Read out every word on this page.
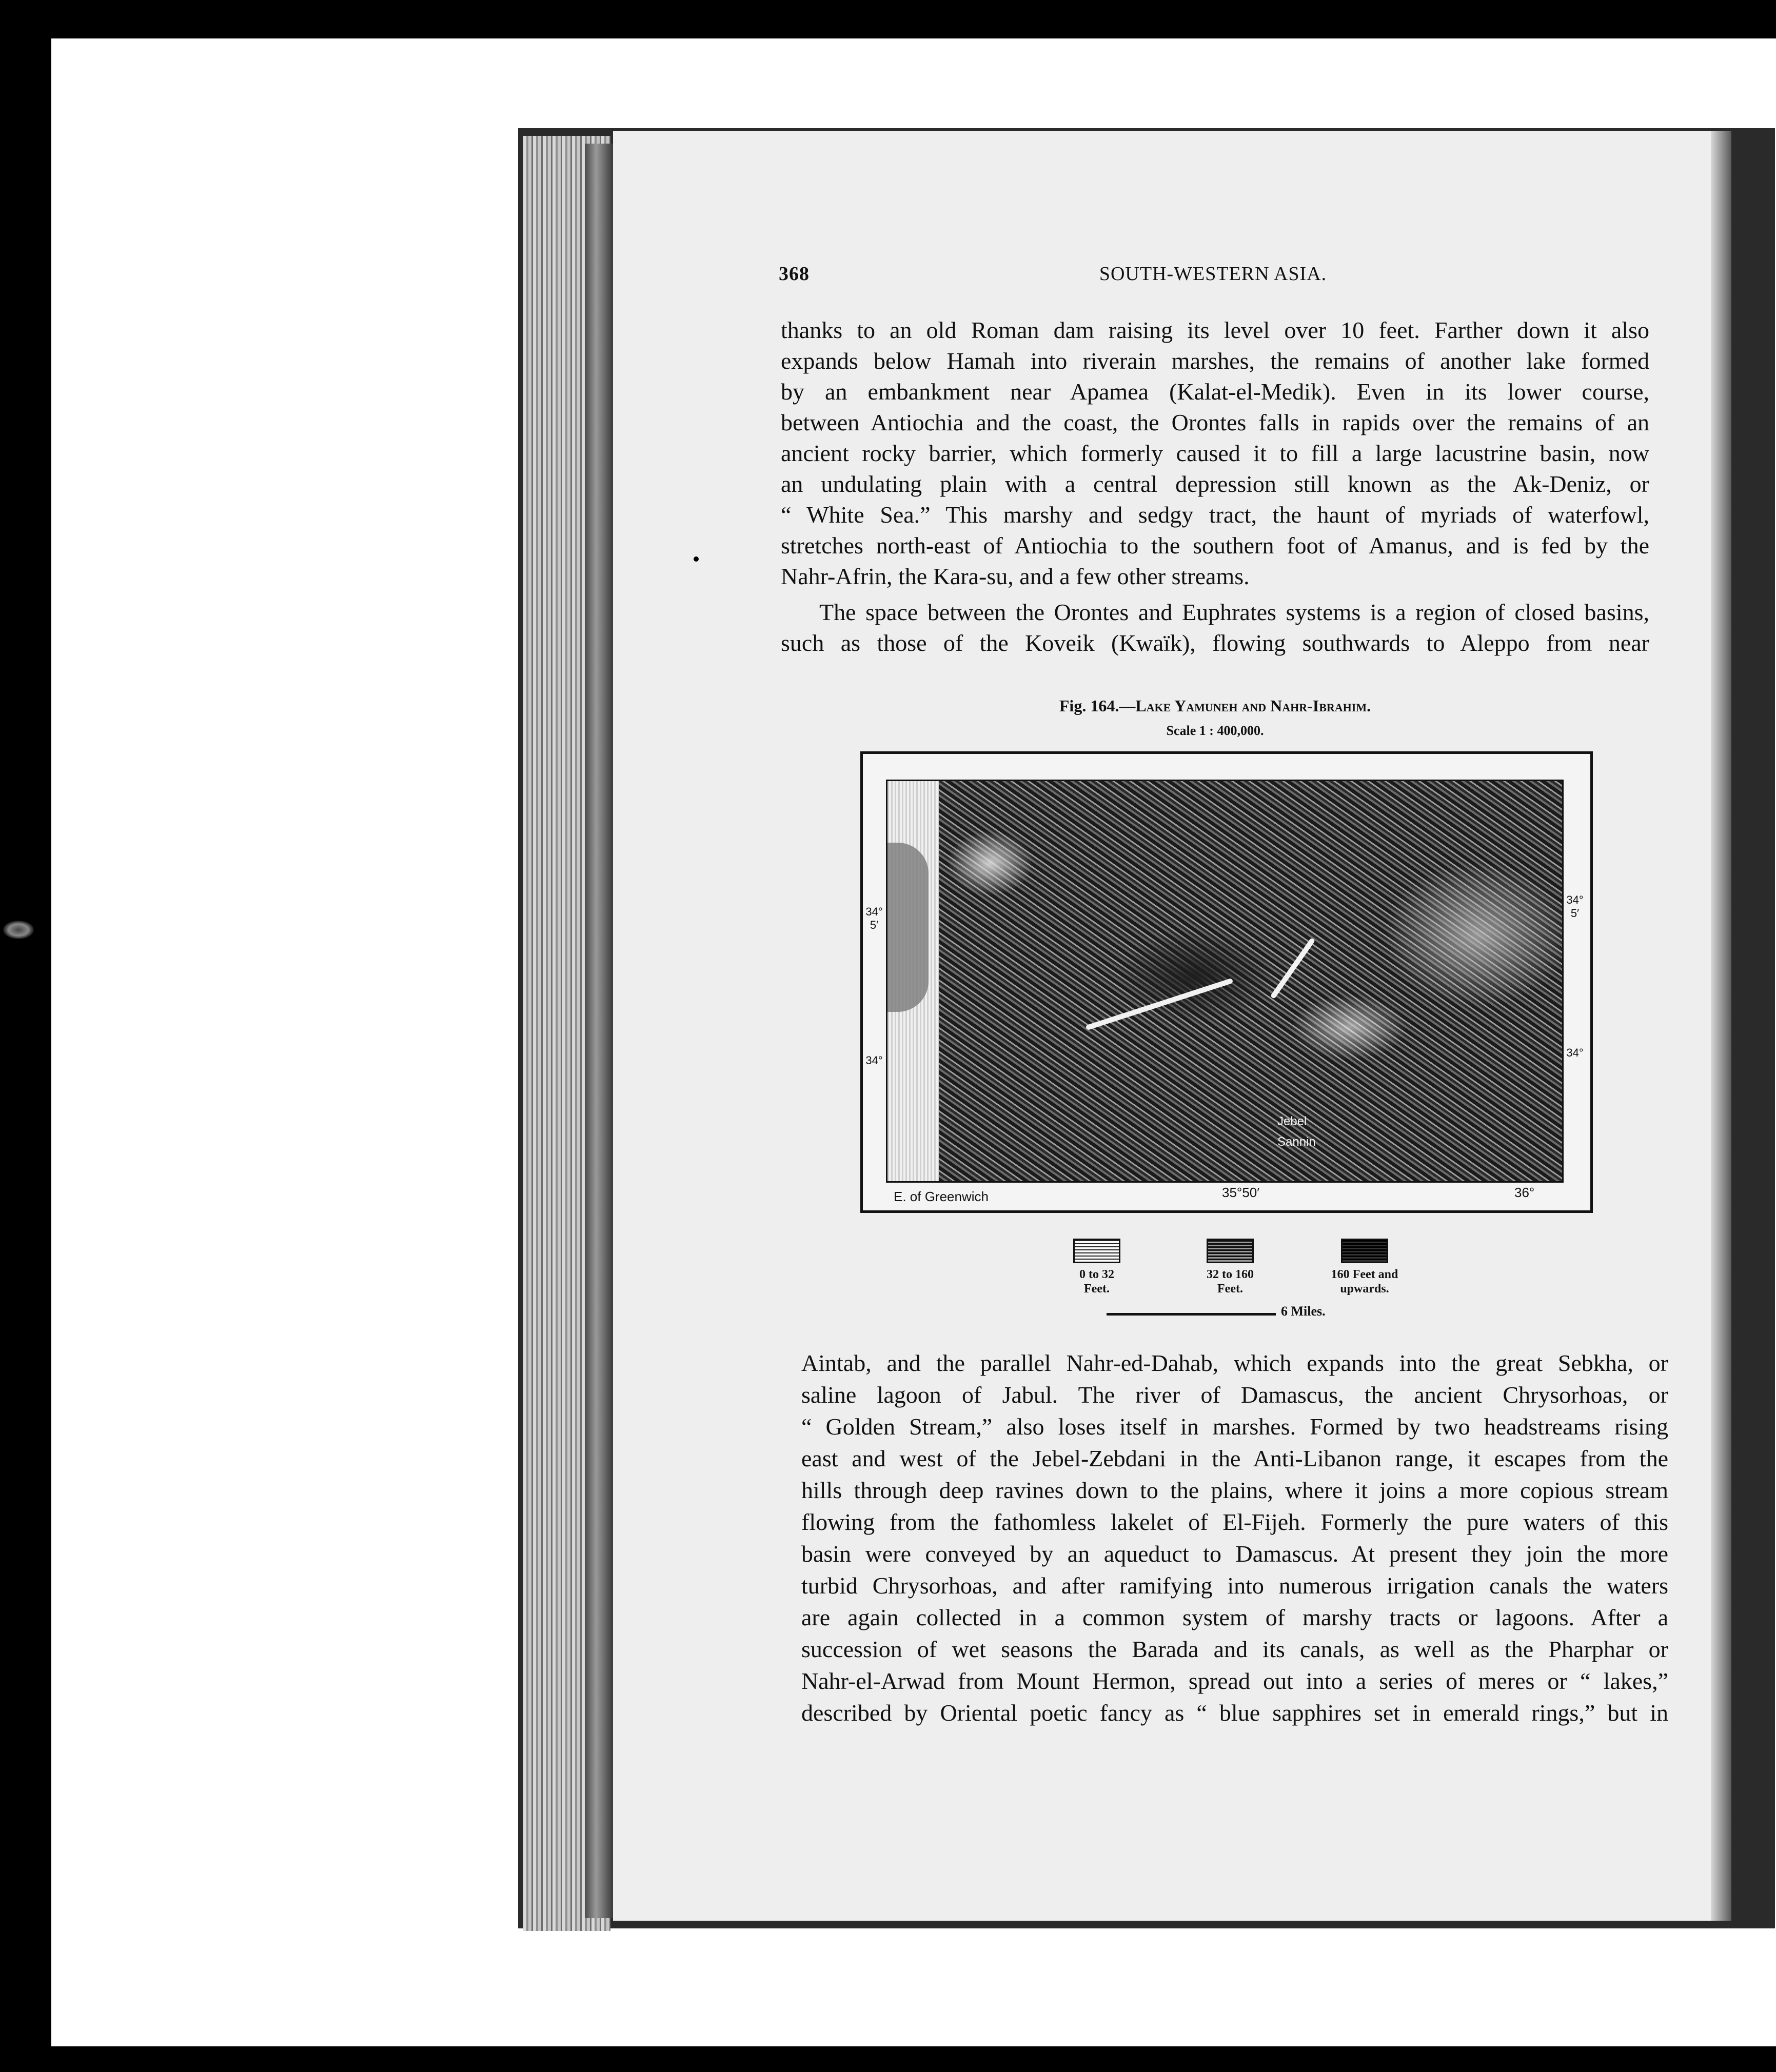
368	SOUTH-WESTERN ASIA.

thanks to an old Roman dam raising its level over 10 feet. Farther down it also

expands below Hamah into riverain marshes, the remains of another lake formed

by an embankment near Apamea (Kalat-el-Medik). Even in its lower course,

between Antiochia and the coast, the Orontes falls in rapids over the remains of an

ancient rocky barrier, which formerly caused it to fill a large lacustrine basin, now

an undulating plain with a central depression still known as the Ak-Deniz, or

“ White Sea.” This marshy and sedgy tract, the haunt of myriads of waterfowl,

stretches north-east of Antiochia to the southern foot of Amanus, and is fed by the

Nahr-Afrin, the Kara-su, and a few other streams.

The space between the Orontes and Euphrates systems is a region of closed basins,

such as those of the Koveik (Kwaïk), flowing southwards to Aleppo from near

Fig. 164.—Lake Yamuneh and Nahr-Ibrahim.
Scale 1 : 400,000.
Jebel
Sannin
34°
5′
34°
34°
5′
34°
E. of Greenwich	35°50′	36°
0 to 32
Feet.
32 to 160
Feet.
160 Feet and
upwards.
6 Miles.

Aintab, and the parallel Nahr-ed-Dahab, which expands into the great Sebkha, or

saline lagoon of Jabul. The river of Damascus, the ancient Chrysorhoas, or

“ Golden Stream,” also loses itself in marshes. Formed by two headstreams rising

east and west of the Jebel-Zebdani in the Anti-Libanon range, it escapes from the

hills through deep ravines down to the plains, where it joins a more copious stream

flowing from the fathomless lakelet of El-Fijeh. Formerly the pure waters of this

basin were conveyed by an aqueduct to Damascus. At present they join the more

turbid Chrysorhoas, and after ramifying into numerous irrigation canals the waters

are again collected in a common system of marshy tracts or lagoons. After a

succession of wet seasons the Barada and its canals, as well as the Pharphar or

Nahr-el-Arwad from Mount Hermon, spread out into a series of meres or “ lakes,”

described by Oriental poetic fancy as “ blue sapphires set in emerald rings,” but in
